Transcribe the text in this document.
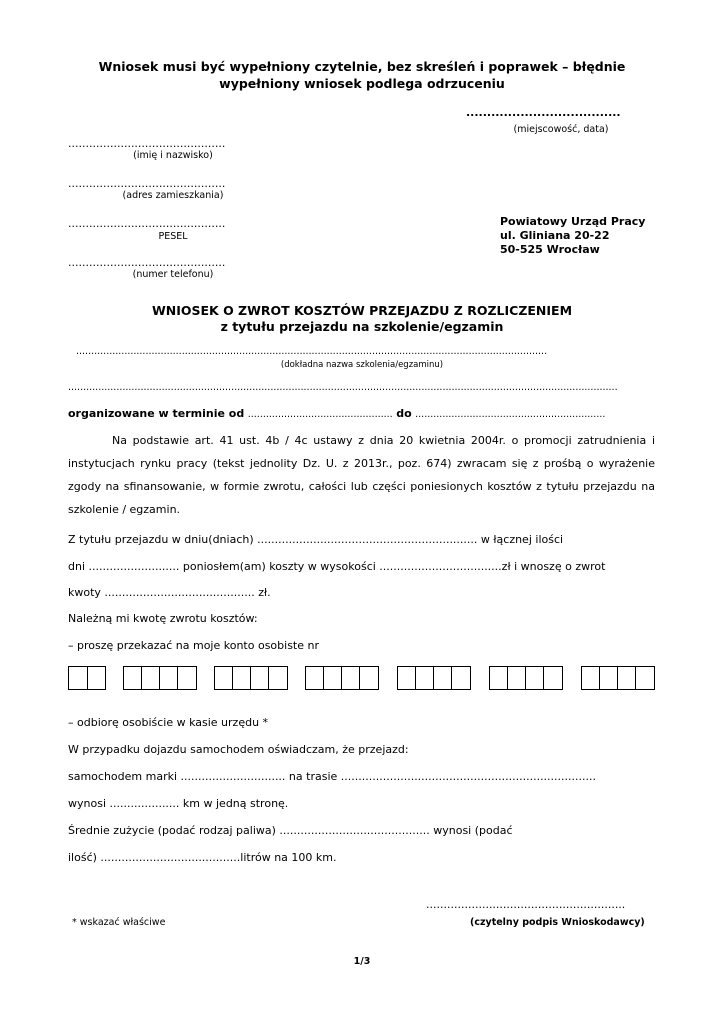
Wniosek musi być wypełniony czytelnie, bez skreśleń i poprawek – błędnie
wypełniony wniosek podlega odrzuceniu
.....................................
(miejscowość, data)
.............................................
(imię i nazwisko)
.............................................
(adres zamieszkania)
.............................................
PESEL
.............................................
(numer telefonu)
Powiatowy Urząd Pracy
ul. Gliniana 20-22
50-525 Wrocław
WNIOSEK O ZWROT KOSZTÓW PRZEJAZDU Z ROZLICZENIEM
z tytułu przejazdu na szkolenie/egzamin
............................................................................................................................................................
(dokładna nazwa szkolenia/egzaminu)
......................................................................................................................................................................................
organizowane w terminie od ................................................ do ...............................................................
Na podstawie art. 41 ust. 4b / 4c ustawy z dnia 20 kwietnia 2004r. o promocji zatrudnienia i instytucjach rynku pracy (tekst jednolity Dz. U. z 2013r., poz. 674) zwracam się z prośbą o wyrażenie zgody na sfinansowanie, w formie zwrotu, całości lub części poniesionych kosztów z tytułu przejazdu na szkolenie / egzamin.
Z tytułu przejazdu w dniu(dniach) ............................................................... w łącznej ilości
dni .......................... poniosłem(am) koszty w wysokości ...................................zł i wnoszę o zwrot
kwoty ........................................... zł.
Należną mi kwotę zwrotu kosztów:
– proszę przekazać na moje konto osobiste nr
– odbiorę osobiście w kasie urzędu *
W przypadku dojazdu samochodem oświadczam, że przejazd:
samochodem marki .............................. na trasie .........................................................................
wynosi .................... km w jedną stronę.
Średnie zużycie (podać rodzaj paliwa) ........................................... wynosi (podać
ilość) ........................................litrów na 100 km.
.........................................................
(czytelny podpis Wnioskodawcy)
* wskazać właściwe
1/3
